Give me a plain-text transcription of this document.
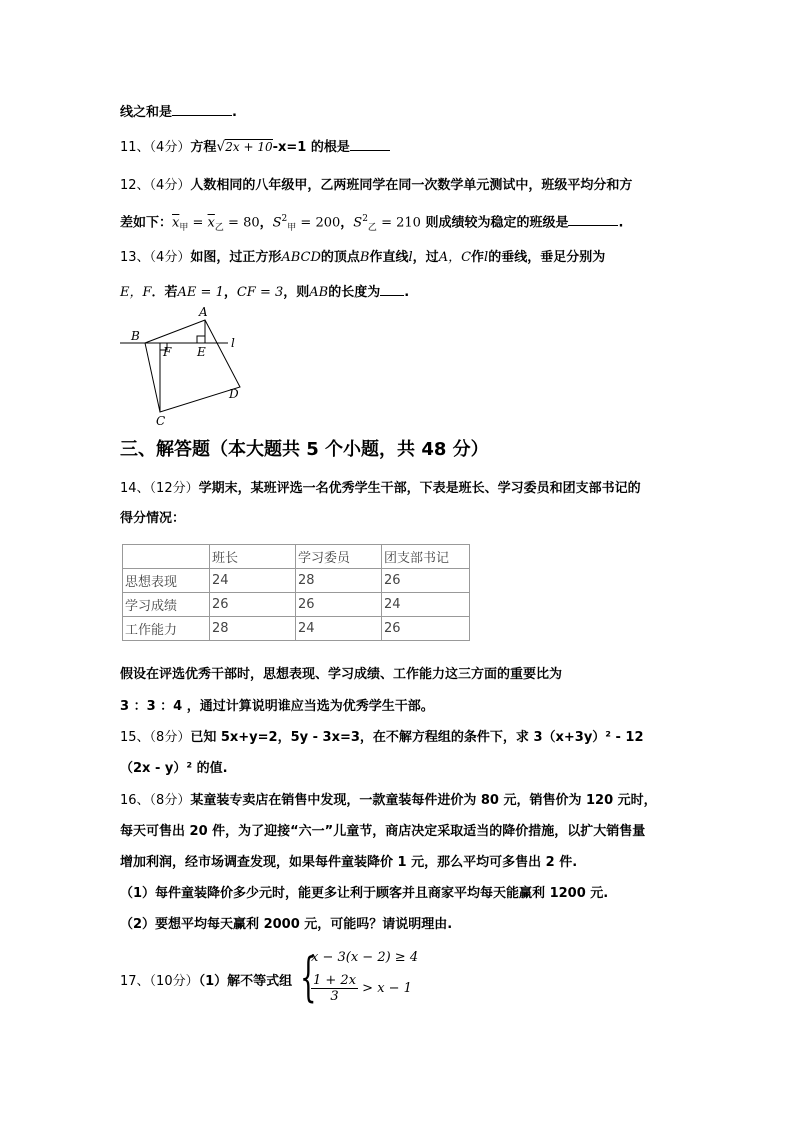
线之和是	.
11、（4分）方程√2x + 10-x=1 的根是
12、（4分）人数相同的八年级甲，乙两班同学在同一次数学单元测试中，班级平均分和方
差如下：$\overline{x}_甲 = \overline{x}_乙 = 80$，$S^2_甲 = 200$，$S^2_乙 = 210$ 则成绩较为稳定的班级是	.
13、（4分）如图，过正方形ABCD的顶点B作直线l，过A，C作l的垂线，垂足分别为
E，F．若AE = 1，CF = 3，则AB的长度为 .
A
B
E
F
l
D
C
三、解答题（本大题共 5 个小题，共 48 分）
14、（12分）学期末，某班评选一名优秀学生干部，下表是班长、学习委员和团支部书记的
得分情况：
	班长	学习委员	团支部书记
思想表现	24	28	26
学习成绩	26	26	24
工作能力	28	24	26
假设在评选优秀干部时，思想表现、学习成绩、工作能力这三方面的重要比为
3 ：3 ：4 ，通过计算说明谁应当选为优秀学生干部。
15、（8分）已知 5x+y=2，5y - 3x=3，在不解方程组的条件下，求 3（x+3y）² - 12
（2x - y）² 的值.
16、（8分）某童装专卖店在销售中发现，一款童装每件进价为 80 元，销售价为 120 元时，
每天可售出 20 件，为了迎接“六一”儿童节，商店决定采取适当的降价措施，以扩大销售量
增加利润，经市场调查发现，如果每件童装降价 1 元，那么平均可多售出 2 件.
（1）每件童装降价多少元时，能更多让利于顾客并且商家平均每天能赢利 1200 元.
（2）要想平均每天赢利 2000 元，可能吗？请说明理由.
17、（10分）（1）解不等式组 {
x − 3(x − 2) ≥ 4
$\frac{1 + 2x}{3} > x - 1$
